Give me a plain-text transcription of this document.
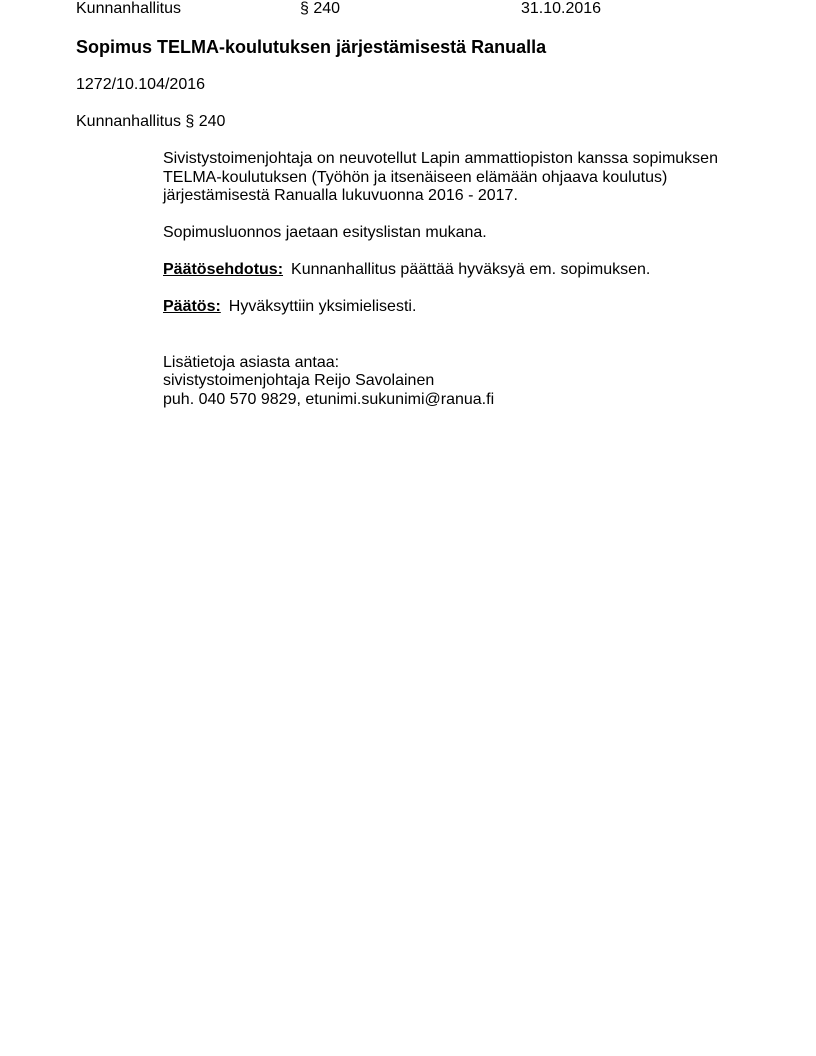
Kunnanhallitus	§ 240	31.10.2016
Sopimus TELMA-koulutuksen järjestämisestä Ranualla
1272/10.104/2016
Kunnanhallitus § 240

Sivistystoimenjohtaja on neuvotellut Lapin ammattiopiston kanssa sopimuksen TELMA-koulutuksen (Työhön ja itsenäiseen elämään ohjaava koulutus) järjestämisestä Ranualla lukuvuonna 2016 - 2017.

Sopimusluonnos jaetaan esityslistan mukana.

Päätösehdotus: Kunnanhallitus päättää hyväksyä em. sopimuksen.

Päätös: Hyväksyttiin yksimielisesti.

Lisätietoja asiasta antaa:
sivistystoimenjohtaja Reijo Savolainen
puh. 040 570 9829, etunimi.sukunimi@ranua.fi
